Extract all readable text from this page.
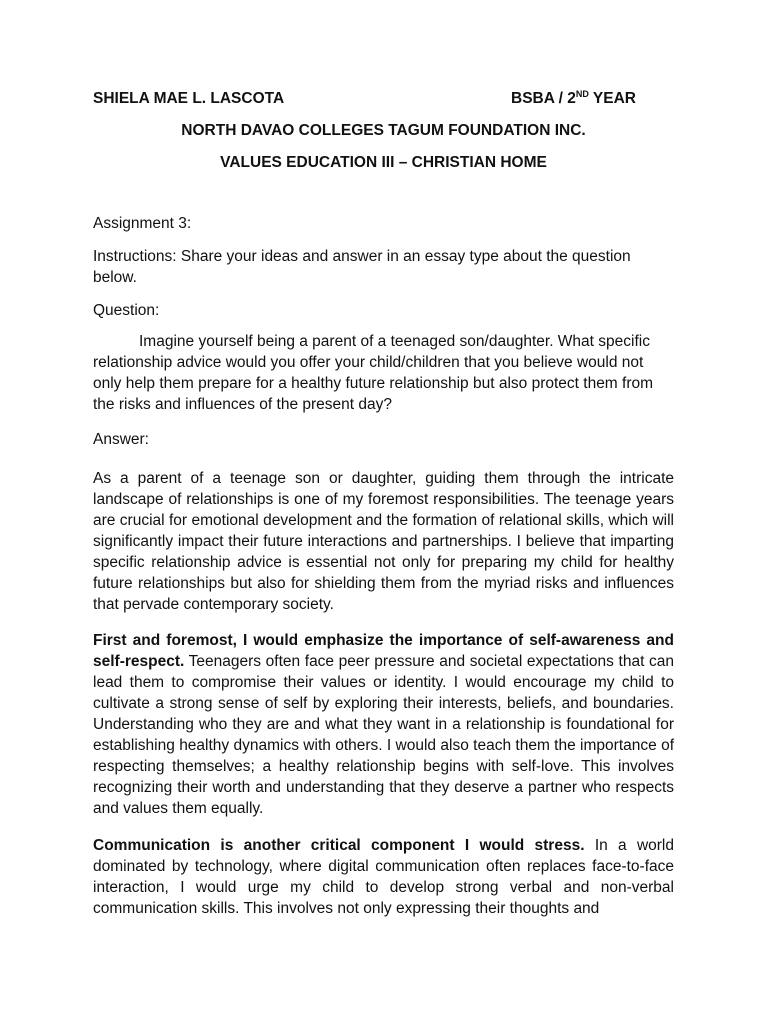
SHIELA MAE L. LASCOTA	BSBA / 2ND YEAR
NORTH DAVAO COLLEGES TAGUM FOUNDATION INC.
VALUES EDUCATION III – CHRISTIAN HOME
Assignment 3:
Instructions: Share your ideas and answer in an essay type about the question below.
Question:
Imagine yourself being a parent of a teenaged son/daughter. What specific relationship advice would you offer your child/children that you believe would not only help them prepare for a healthy future relationship but also protect them from the risks and influences of the present day?
Answer:

As a parent of a teenage son or daughter, guiding them through the intricate landscape of relationships is one of my foremost responsibilities. The teenage years are crucial for emotional development and the formation of relational skills, which will significantly impact their future interactions and partnerships. I believe that imparting specific relationship advice is essential not only for preparing my child for healthy future relationships but also for shielding them from the myriad risks and influences that pervade contemporary society.

First and foremost, I would emphasize the importance of self-awareness and self-respect. Teenagers often face peer pressure and societal expectations that can lead them to compromise their values or identity. I would encourage my child to cultivate a strong sense of self by exploring their interests, beliefs, and boundaries. Understanding who they are and what they want in a relationship is foundational for establishing healthy dynamics with others. I would also teach them the importance of respecting themselves; a healthy relationship begins with self-love. This involves recognizing their worth and understanding that they deserve a partner who respects and values them equally.

Communication is another critical component I would stress. In a world dominated by technology, where digital communication often replaces face-to-face interaction, I would urge my child to develop strong verbal and non-verbal communication skills. This involves not only expressing their thoughts and
